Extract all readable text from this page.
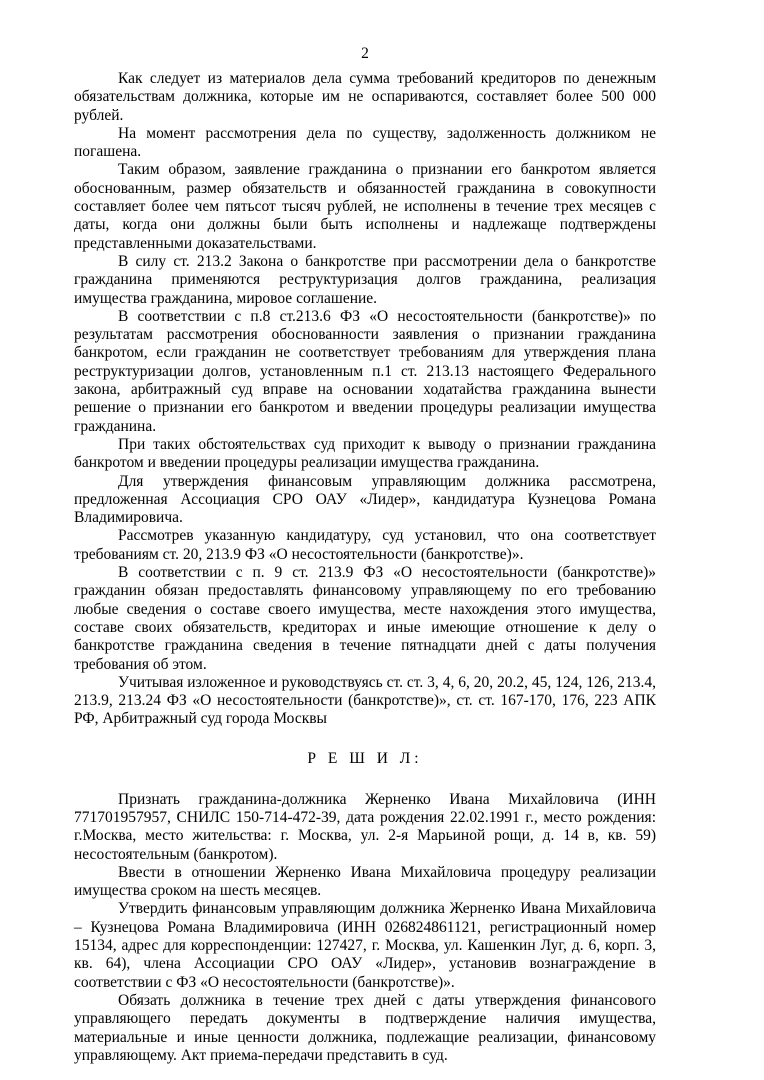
2

Как следует из материалов дела сумма требований кредиторов по денежным обязательствам должника, которые им не оспариваются, составляет более 500 000 рублей.

На момент рассмотрения дела по существу, задолженность должником не погашена.

Таким образом, заявление гражданина о признании его банкротом является обоснованным, размер обязательств и обязанностей гражданина в совокупности составляет более чем пятьсот тысяч рублей, не исполнены в течение трех месяцев с даты, когда они должны были быть исполнены и надлежаще подтверждены представленными доказательствами.

В силу ст. 213.2 Закона о банкротстве при рассмотрении дела о банкротстве гражданина применяются реструктуризация долгов гражданина, реализация имущества гражданина, мировое соглашение.

В соответствии с п.8 ст.213.6 ФЗ «О несостоятельности (банкротстве)» по результатам рассмотрения обоснованности заявления о признании гражданина банкротом, если гражданин не соответствует требованиям для утверждения плана реструктуризации долгов, установленным п.1 ст. 213.13 настоящего Федерального закона, арбитражный суд вправе на основании ходатайства гражданина вынести решение о признании его банкротом и введении процедуры реализации имущества гражданина.

При таких обстоятельствах суд приходит к выводу о признании гражданина банкротом и введении процедуры реализации имущества гражданина.

Для утверждения финансовым управляющим должника рассмотрена, предложенная Ассоциация СРО ОАУ «Лидер», кандидатура Кузнецова Романа Владимировича.

Рассмотрев указанную кандидатуру, суд установил, что она соответствует требованиям ст. 20, 213.9 ФЗ «О несостоятельности (банкротстве)».

В соответствии с п. 9 ст. 213.9 ФЗ «О несостоятельности (банкротстве)» гражданин обязан предоставлять финансовому управляющему по его требованию любые сведения о составе своего имущества, месте нахождения этого имущества, составе своих обязательств, кредиторах и иные имеющие отношение к делу о банкротстве гражданина сведения в течение пятнадцати дней с даты получения требования об этом.

Учитывая изложенное и руководствуясь ст. ст. 3, 4, 6, 20, 20.2, 45, 124, 126, 213.4, 213.9, 213.24 ФЗ «О несостоятельности (банкротстве)», ст. ст. 167-170, 176, 223 АПК РФ, Арбитражный суд города Москвы

Р Е Ш И Л:

Признать гражданина-должника Жерненко Ивана Михайловича (ИНН 771701957957, СНИЛС 150-714-472-39, дата рождения 22.02.1991 г., место рождения: г.Москва, место жительства: г. Москва, ул. 2-я Марьиной рощи, д. 14 в, кв. 59) несостоятельным (банкротом).

Ввести в отношении Жерненко Ивана Михайловича процедуру реализации имущества сроком на шесть месяцев.

Утвердить финансовым управляющим должника Жерненко Ивана Михайловича – Кузнецова Романа Владимировича (ИНН 026824861121, регистрационный номер 15134, адрес для корреспонденции: 127427, г. Москва, ул. Кашенкин Луг, д. 6, корп. 3, кв. 64), члена Ассоциации СРО ОАУ «Лидер», установив вознаграждение в соответствии с ФЗ «О несостоятельности (банкротстве)».

Обязать должника в течение трех дней с даты утверждения финансового управляющего передать документы в подтверждение наличия имущества, материальные и иные ценности должника, подлежащие реализации, финансовому управляющему. Акт приема-передачи представить в суд.
